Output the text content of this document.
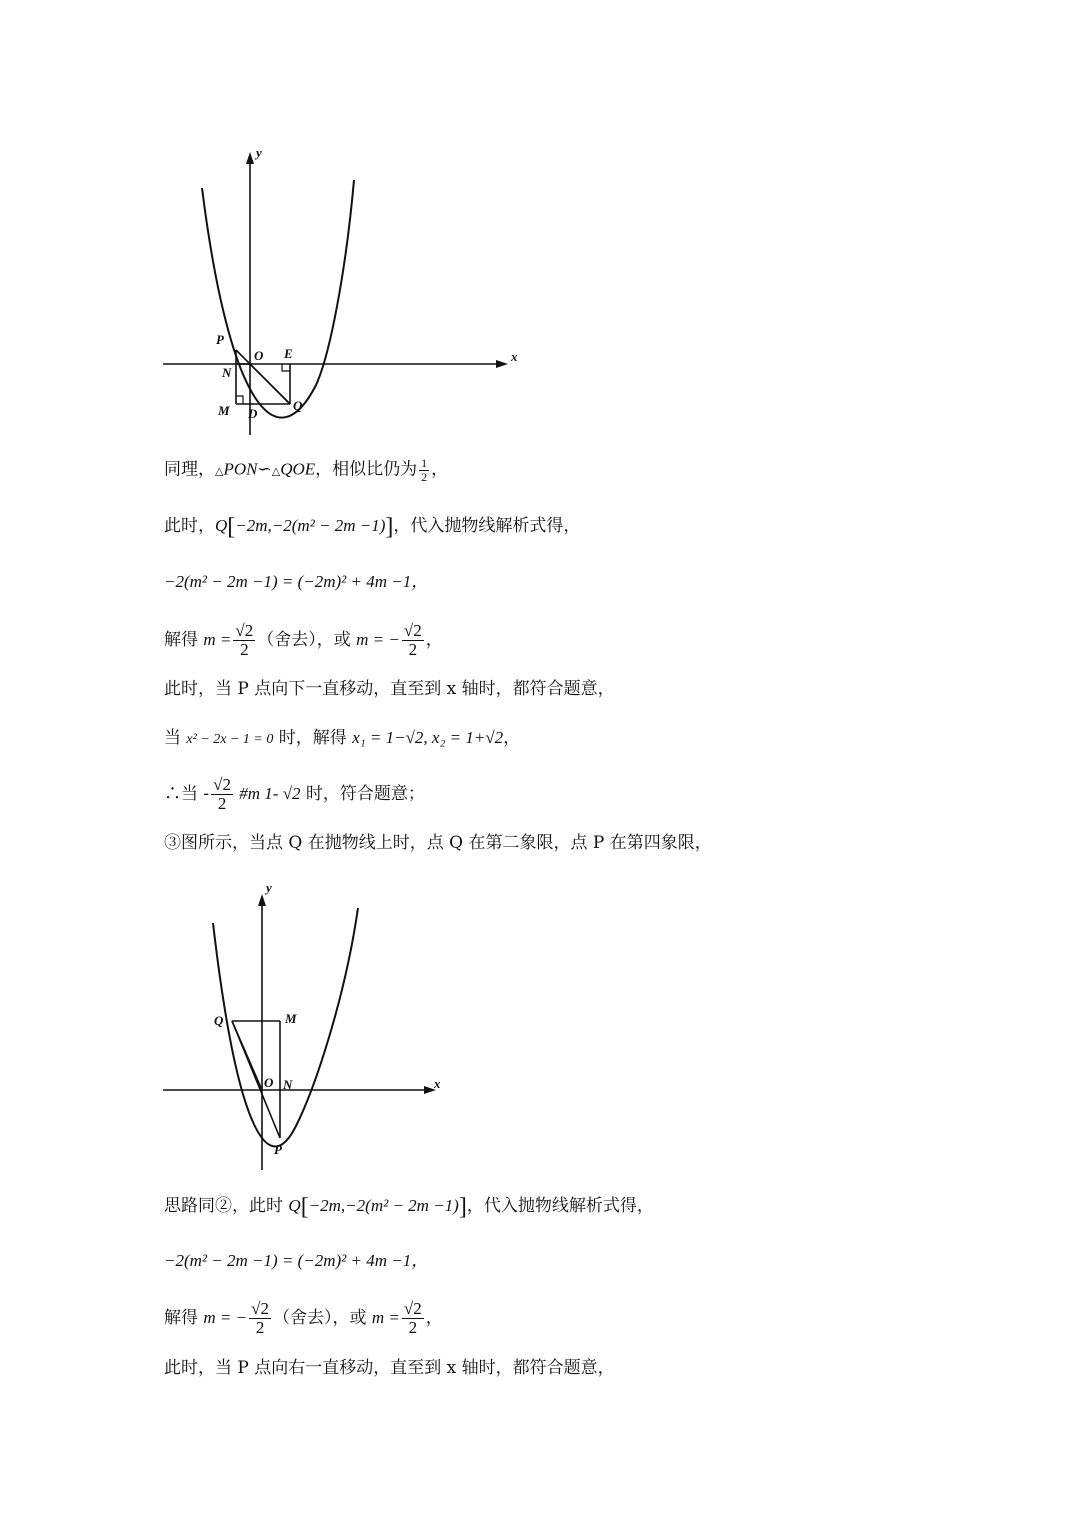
y
x
P
O E
N
M D
Q
同理，△PON∽△QOE，相似比仍为 $\frac{1}{2}$ ，
此时，Q[−2m,−2(m² − 2m −1)]，代入抛物线解析式得，
−2(m² − 2m −1) = (−2m)² + 4m −1，
解得 $m = \frac{√2}{2}$ （舍去），或 m = − $\frac{√2}{2}$ ，
此时，当 P 点向下一直移动，直至到 x 轴时，都符合题意，
当 x² − 2x − 1 = 0 时，解得 x₁ = 1−√2, x₂ = 1+√2，
∴当 - $\frac{√2}{2}$ #m 1- √2 时，符合题意；
③图所示，当点 Q 在抛物线上时，点 Q 在第二象限，点 P 在第四象限，
y
x
Q	M
O N
P
思路同②，此时 Q[−2m,−2(m² − 2m −1)]，代入抛物线解析式得，
−2(m² − 2m −1) = (−2m)² + 4m −1，
解得 m = − $\frac{√2}{2}$ （舍去），或 $m = \frac{√2}{2}$ ，
此时，当 P 点向右一直移动，直至到 x 轴时，都符合题意，
